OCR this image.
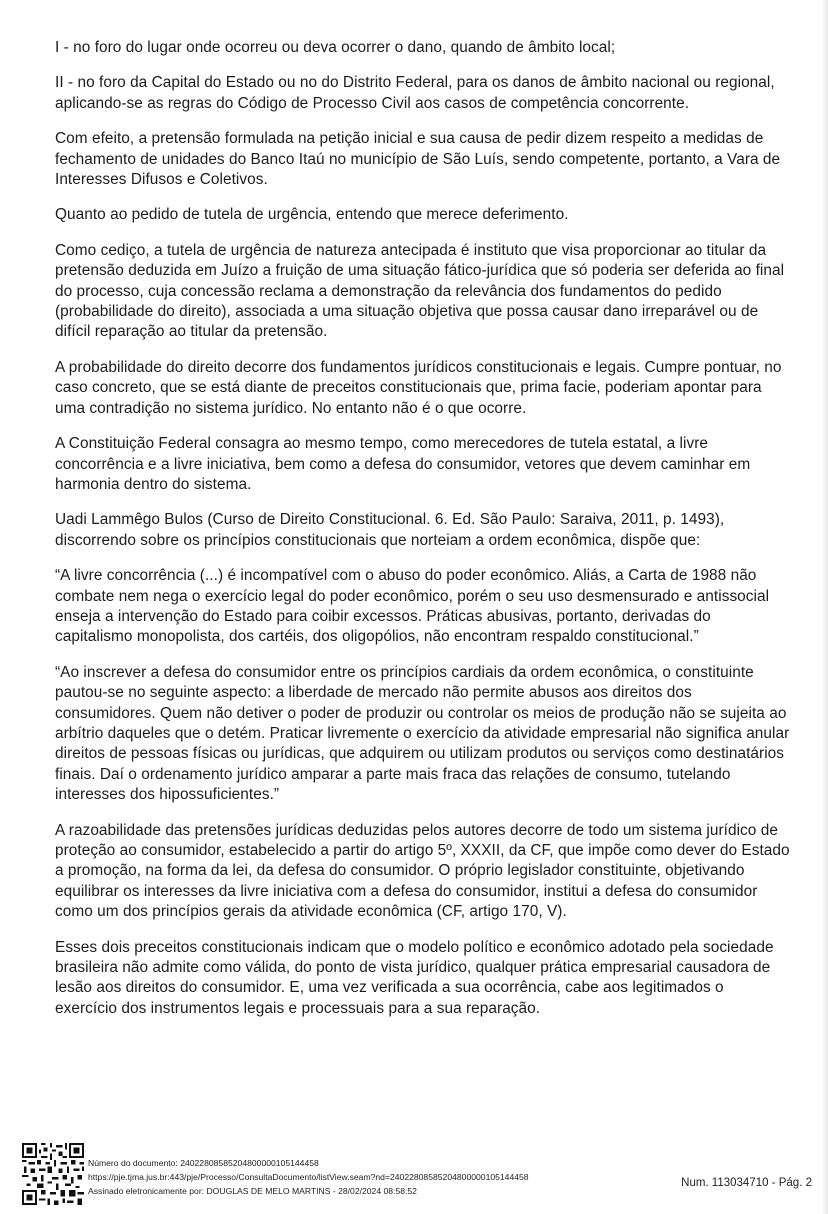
I - no foro do lugar onde ocorreu ou deva ocorrer o dano, quando de âmbito local;

II - no foro da Capital do Estado ou no do Distrito Federal, para os danos de âmbito nacional ou regional, aplicando-se as regras do Código de Processo Civil aos casos de competência concorrente.

Com efeito, a pretensão formulada na petição inicial e sua causa de pedir dizem respeito a medidas de fechamento de unidades do Banco Itaú no município de São Luís, sendo competente, portanto, a Vara de Interesses Difusos e Coletivos.

Quanto ao pedido de tutela de urgência, entendo que merece deferimento.

Como cediço, a tutela de urgência de natureza antecipada é instituto que visa proporcionar ao titular da pretensão deduzida em Juízo a fruição de uma situação fático-jurídica que só poderia ser deferida ao final do processo, cuja concessão reclama a demonstração da relevância dos fundamentos do pedido (probabilidade do direito), associada a uma situação objetiva que possa causar dano irreparável ou de difícil reparação ao titular da pretensão.

A probabilidade do direito decorre dos fundamentos jurídicos constitucionais e legais. Cumpre pontuar, no caso concreto, que se está diante de preceitos constitucionais que, prima facie, poderiam apontar para uma contradição no sistema jurídico. No entanto não é o que ocorre.

A Constituição Federal consagra ao mesmo tempo, como merecedores de tutela estatal, a livre concorrência e a livre iniciativa, bem como a defesa do consumidor, vetores que devem caminhar em harmonia dentro do sistema.

Uadi Lammêgo Bulos (Curso de Direito Constitucional. 6. Ed. São Paulo: Saraiva, 2011, p. 1493), discorrendo sobre os princípios constitucionais que norteiam a ordem econômica, dispõe que:

“A livre concorrência (...) é incompatível com o abuso do poder econômico. Aliás, a Carta de 1988 não combate nem nega o exercício legal do poder econômico, porém o seu uso desmensurado e antissocial enseja a intervenção do Estado para coibir excessos. Práticas abusivas, portanto, derivadas do capitalismo monopolista, dos cartéis, dos oligopólios, não encontram respaldo constitucional.”

“Ao inscrever a defesa do consumidor entre os princípios cardiais da ordem econômica, o constituinte pautou-se no seguinte aspecto: a liberdade de mercado não permite abusos aos direitos dos consumidores. Quem não detiver o poder de produzir ou controlar os meios de produção não se sujeita ao arbítrio daqueles que o detém. Praticar livremente o exercício da atividade empresarial não significa anular direitos de pessoas físicas ou jurídicas, que adquirem ou utilizam produtos ou serviços como destinatários finais. Daí o ordenamento jurídico amparar a parte mais fraca das relações de consumo, tutelando interesses dos hipossuficientes.”

A razoabilidade das pretensões jurídicas deduzidas pelos autores decorre de todo um sistema jurídico de proteção ao consumidor, estabelecido a partir do artigo 5º, XXXII, da CF, que impõe como dever do Estado a promoção, na forma da lei, da defesa do consumidor. O próprio legislador constituinte, objetivando equilibrar os interesses da livre iniciativa com a defesa do consumidor, institui a defesa do consumidor como um dos princípios gerais da atividade econômica (CF, artigo 170, V).

Esses dois preceitos constitucionais indicam que o modelo político e econômico adotado pela sociedade brasileira não admite como válida, do ponto de vista jurídico, qualquer prática empresarial causadora de lesão aos direitos do consumidor. E, uma vez verificada a sua ocorrência, cabe aos legitimados o exercício dos instrumentos legais e processuais para a sua reparação.

Número do documento: 24022808585204800000105144458
https://pje.tjma.jus.br:443/pje/Processo/ConsultaDocumento/listView.seam?nd=24022808585204800000105144458
Assinado eletronicamente por: DOUGLAS DE MELO MARTINS - 28/02/2024 08:58:52
Num. 113034710 - Pág. 2
